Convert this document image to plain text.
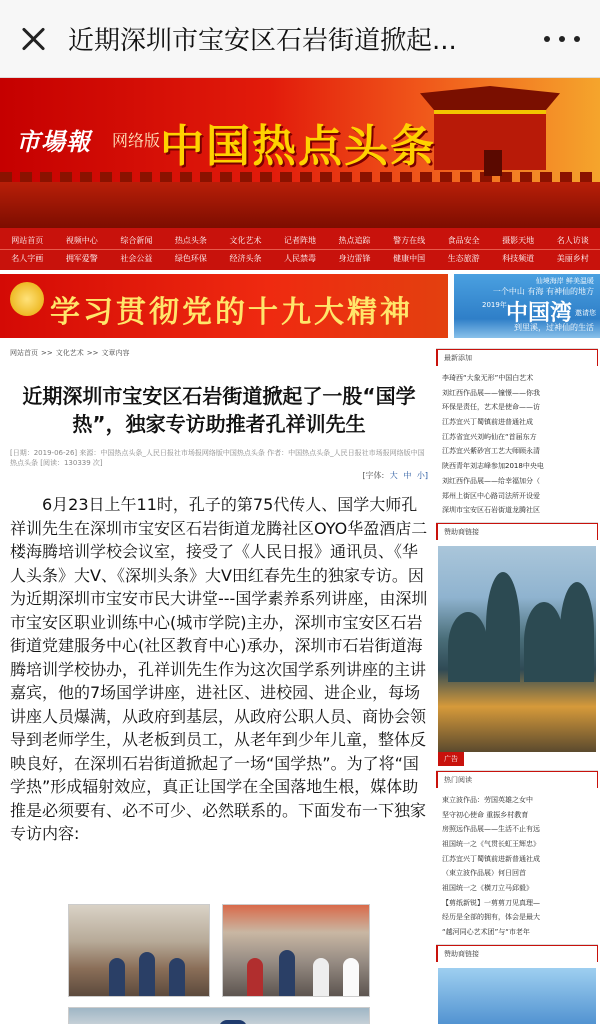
近期深圳市宝安区石岩街道掀起...
市場報 网络版 中国热点头条
网站首页	视频中心	综合新闻	热点头条	文化艺术	记者阵地	热点追踪	警方在线	食品安全	摄影天地	名人访谈
名人字画	拥军爱警	社会公益	绿色环保	经济头条	人民禁毒	身边雷锋	健康中国	生态旅游	科技频道	美丽乡村
学习贯彻党的十九大精神
仙境海岸 鲜美温暖
一个中山 有海 有神仙的地方
2019年 中国湾 邀请您
到里溪，过神仙的生活
网站首页 >> 文化艺术 >> 文章内容
近期深圳市宝安区石岩街道掀起了一股“国学热”，独家专访助推者孔祥训先生
[日期：2019-06-26] 来源：中国热点头条_人民日报社市场报网络版中国热点头条 作者：中国热点头条_人民日报社市场报网络版中国热点头条 [阅读：130339 次]
[字体: 大 中 小]

6月23日上午11时，孔子的第75代传人、国学大师孔祥训先生在深圳市宝安区石岩街道龙腾社区OYO华盈酒店二楼海腾培训学校会议室，接受了《人民日报》通讯员、《华人头条》大V、《深圳头条》大V田红春先生的独家专访。因为近期深圳市宝安市民大讲堂---国学素养系列讲座，由深圳市宝安区职业训练中心(城市学院)主办，深圳市宝安区石岩街道党建服务中心(社区教育中心)承办，深圳市石岩街道海腾培训学校协办，孔祥训先生作为这次国学系列讲座的主讲嘉宾，他的7场国学讲座，进社区、进校园、进企业，每场讲座人员爆满，从政府到基层，从政府公职人员、商协会领导到老师学生，从老板到员工，从老年到少年儿童，整体反映良好，在深圳石岩街道掀起了一场“国学热”。为了将“国学热”形成辐射效应，真正让国学在全国落地生根，媒体助推是必须要有、必不可少、必然联系的。下面发布一下独家专访内容:

最新添加
李琦西“大象无形”中国白艺术
刘红西作品展——憧憬——你我
环保是责任，艺术是使命——访
江苏宜兴丁蜀镇前进普通社成
江苏省宜兴刘屿仙在“首届东方
江苏宜兴紫砂宫工艺大师顾永清
陕西青年刘志峰参加2018中央电
刘红西作品展——给幸福加分（
郑州上街区中心路司法所开设爱
深圳市宝安区石岩街道龙腾社区
赞助商链接
广告
热门阅读
束立波作品：劳国英雄之女中
坚守初心使命 重振乡村教育
房照远作品展——生活不止有远
祖国统一之《气贯长虹王辉忠》
江苏宜兴丁蜀镇前进新普通社成
（束立波作品展）何日回首
祖国统一之《横刀立马邱毅》
【剪纸新锐】一剪剪刀见真理—
经历是全部的拥有，体会是最大
“越河同心艺术团”与“市老年
赞助商链接
